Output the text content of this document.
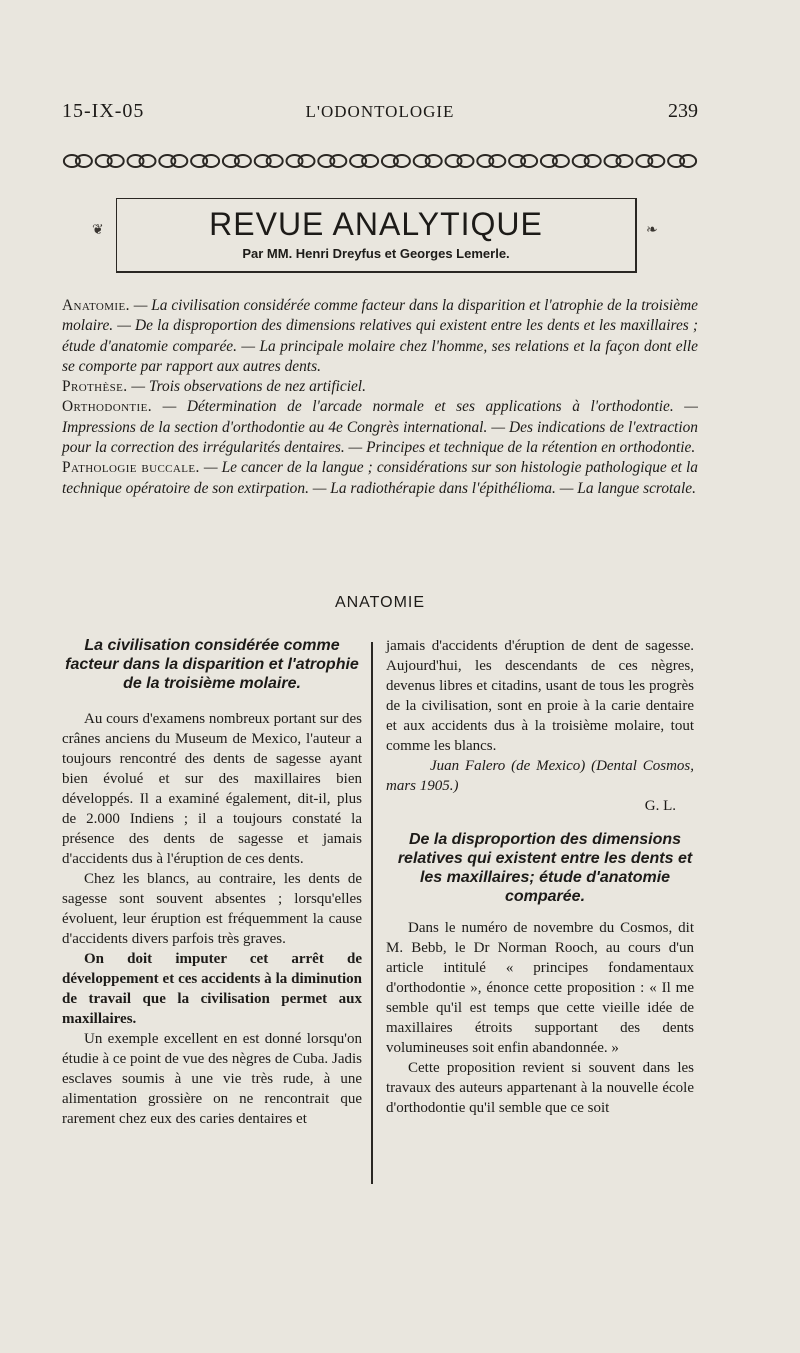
15-IX-05	L'ODONTOLOGIE	239
❦	REVUE ANALYTIQUE
Par MM. Henri Dreyfus et Georges Lemerle.
❧

Anatomie. — La civilisation considérée comme facteur dans la disparition et l'atrophie de la troisième molaire. — De la disproportion des dimensions relatives qui existent entre les dents et les maxillaires ; étude d'anatomie comparée. — La principale molaire chez l'homme, ses relations et la façon dont elle se comporte par rapport aux autres dents.

Prothèse. — Trois observations de nez artificiel.

Orthodontie. — Détermination de l'arcade normale et ses applications à l'orthodontie. — Impressions de la section d'orthodontie au 4e Congrès international. — Des indications de l'extraction pour la correction des irrégularités dentaires. — Principes et technique de la rétention en orthodontie.

Pathologie buccale. — Le cancer de la langue ; considérations sur son histologie pathologique et la technique opératoire de son extirpation. — La radiothérapie dans l'épithélioma. — La langue scrotale.

ANATOMIE
La civilisation considérée comme facteur dans la disparition et l'atrophie de la troisième molaire.

Au cours d'examens nombreux portant sur des crânes anciens du Museum de Mexico, l'auteur a toujours rencontré des dents de sagesse ayant bien évolué et sur des maxillaires bien développés. Il a examiné également, dit-il, plus de 2.000 Indiens ; il a toujours constaté la présence des dents de sagesse et jamais d'accidents dus à l'éruption de ces dents.

Chez les blancs, au contraire, les dents de sagesse sont souvent absentes ; lorsqu'elles évoluent, leur éruption est fréquemment la cause d'accidents divers parfois très graves.

On doit imputer cet arrêt de développement et ces accidents à la diminution de travail que la civilisation permet aux maxillaires.

Un exemple excellent en est donné lorsqu'on étudie à ce point de vue des nègres de Cuba. Jadis esclaves soumis à une vie très rude, à une alimentation grossière on ne rencontrait que rarement chez eux des caries dentaires et

jamais d'accidents d'éruption de dent de sagesse. Aujourd'hui, les descendants de ces nègres, devenus libres et citadins, usant de tous les progrès de la civilisation, sont en proie à la carie dentaire et aux accidents dus à la troisième molaire, tout comme les blancs.

Juan Falero (de Mexico) (Dental Cosmos, mars 1905.)

G. L.

De la disproportion des dimensions relatives qui existent entre les dents et les maxillaires; étude d'anatomie comparée.

Dans le numéro de novembre du Cosmos, dit M. Bebb, le Dr Norman Rooch, au cours d'un article intitulé « principes fondamentaux d'orthodontie », énonce cette proposition : « Il me semble qu'il est temps que cette vieille idée de maxillaires étroits supportant des dents volumineuses soit enfin abandonnée. »

Cette proposition revient si souvent dans les travaux des auteurs appartenant à la nouvelle école d'orthodontie qu'il semble que ce soit
